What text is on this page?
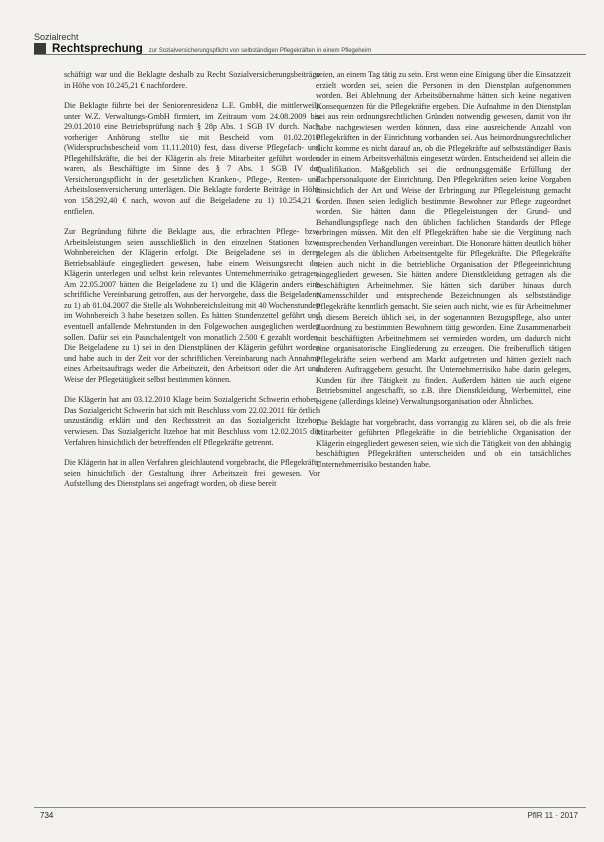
Sozialrecht
Rechtsprechung zur Sozialversicherungspflicht von selbständigen Pflegekräften in einem Pflegeheim

schäftigt war und die Beklagte deshalb zu Recht Sozialversicherungsbeiträge in Höhe von 10.245,21 € nachfordere.

Die Beklagte führte bei der Seniorenresidenz L.E. GmbH, die mittlerweile unter W.Z. Verwaltungs-GmbH firmiert, im Zeitraum vom 24.08.2009 bis 29.01.2010 eine Betriebsprüfung nach § 28p Abs. 1 SGB IV durch. Nach vorheriger Anhörung stellte sie mit Bescheid vom 01.02.2010 (Widerspruchsbescheid vom 11.11.2010) fest, dass diverse Pflegefach- und Pflegehilfskräfte, die bei der Klägerin als freie Mitarbeiter geführt worden waren, als Beschäftigte im Sinne des § 7 Abs. 1 SGB IV der Versicherungspflicht in der gesetzlichen Kranken-, Pflege-, Renten- und Arbeitslosenversicherung unterlägen. Die Beklagte forderte Beiträge in Höhe von 158.292,40 € nach, wovon auf die Beigeladene zu 1) 10.254,21 € entfielen.

Zur Begründung führte die Beklagte aus, die erbrachten Pflege- bzw. Arbeitsleistungen seien ausschließlich in den einzelnen Stationen bzw. Wohnbereichen der Klägerin erfolgt. Die Beigeladene sei in deren Betriebsabläufe eingegliedert gewesen, habe einem Weisungsrecht der Klägerin unterlegen und selbst kein relevantes Unternehmerrisiko getragen. Am 22.05.2007 hätten die Beigeladene zu 1) und die Klägerin anders eine schriftliche Vereinbarung getroffen, aus der hervorgehe, dass die Beigeladene zu 1) ab 01.04.2007 die Stelle als Wohnbereichsleitung mit 40 Wochenstunden im Wohnbereich 3 habe besetzen sollen. Es hätten Stundenzettel geführt und eventuell anfallende Mehrstunden in den Folgewochen ausgeglichen werden sollen. Dafür sei ein Pauschalentgelt von monatlich 2.500 € gezahlt worden. Die Beigeladene zu 1) sei in den Dienstplänen der Klägerin geführt worden und habe auch in der Zeit vor der schriftlichen Vereinbarung nach Annahme eines Arbeitsauftrags weder die Arbeitszeit, den Arbeitsort oder die Art und Weise der Pflegetätigkeit selbst bestimmen können.

Die Klägerin hat am 03.12.2010 Klage beim Sozialgericht Schwerin erhoben. Das Sozialgericht Schwerin hat sich mit Beschluss vom 22.02.2011 für örtlich unzuständig erklärt und den Rechtsstreit an das Sozialgericht Itzehoe verwiesen. Das Sozialgericht Itzehoe hat mit Beschluss vom 12.02.2015 die Verfahren hinsichtlich der betreffenden elf Pflegekräfte getrennt.

Die Klägerin hat in allen Verfahren gleichlautend vorgebracht, die Pflegekräfte seien hinsichtlich der Gestaltung ihrer Arbeitszeit frei gewesen. Vor Aufstellung des Dienstplans sei angefragt worden, ob diese bereit

seien, an einem Tag tätig zu sein. Erst wenn eine Einigung über die Einsatzzeit erzielt worden sei, seien die Personen in den Dienstplan aufgenommen worden. Bei Ablehnung der Arbeitsübernahme hätten sich keine negativen Konsequenzen für die Pflegekräfte ergeben. Die Aufnahme in den Dienstplan sei aus rein ordnungsrechtlichen Gründen notwendig gewesen, damit von ihr habe nachgewiesen werden können, dass eine ausreichende Anzahl von Pflegekräften in der Einrichtung vorhanden sei. Aus heimordnungsrechtlicher Sicht komme es nicht darauf an, ob die Pflegekräfte auf selbstständiger Basis oder in einem Arbeitsverhältnis eingesetzt würden. Entscheidend sei allein die Qualifikation. Maßgeblich sei die ordnungsgemäße Erfüllung der Fachpersonalquote der Einrichtung. Den Pflegekräften seien keine Vorgaben hinsichtlich der Art und Weise der Erbringung zur Pflegeleistung gemacht worden. Ihnen seien lediglich bestimmte Bewohner zur Pflege zugeordnet worden. Sie hätten dann die Pflegeleistungen der Grund- und Behandlungspflege nach den üblichen fachlichen Standards der Pflege erbringen müssen. Mit den elf Pflegekräften habe sie die Vergütung nach entsprechenden Verhandlungen vereinbart. Die Honorare hätten deutlich höher gelegen als die üblichen Arbeitsentgelte für Pflegekräfte. Die Pflegekräfte seien auch nicht in die betriebliche Organisation der Pflegeeinrichtung eingegliedert gewesen. Sie hätten andere Dienstkleidung getragen als die beschäftigten Arbeitnehmer. Sie hätten sich darüber hinaus durch Namensschilder und entsprechende Bezeichnungen als selbstständige Pflegekräfte kenntlich gemacht. Sie seien auch nicht, wie es für Arbeitnehmer in diesem Bereich üblich sei, in der sogenannten Bezugspflege, also unter Zuordnung zu bestimmten Bewohnern tätig geworden. Eine Zusammenarbeit mit beschäftigten Arbeitnehmern sei vermieden worden, um dadurch nicht eine organisatorische Eingliederung zu erzeugen. Die freiberuflich tätigen Pflegekräfte seien werbend am Markt aufgetreten und hätten gezielt nach anderen Auftraggebern gesucht. Ihr Unternehmerrisiko habe darin gelegen, Kunden für ihre Tätigkeit zu finden. Außerdem hätten sie auch eigene Betriebsmittel angeschafft, so z.B. ihre Dienstkleidung, Werbemittel, eine eigene (allerdings kleine) Verwaltungsorganisation oder Ähnliches.

Die Beklagte hat vorgebracht, dass vorrangig zu klären sei, ob die als freie Mitarbeiter geführten Pflegekräfte in die betriebliche Organisation der Klägerin eingegliedert gewesen seien, wie sich die Tätigkeit von den abhängig beschäftigten Pflegekräften unterscheiden und ob ein tatsächliches Unternehmerrisiko bestanden habe.

734	PflR 11 · 2017
